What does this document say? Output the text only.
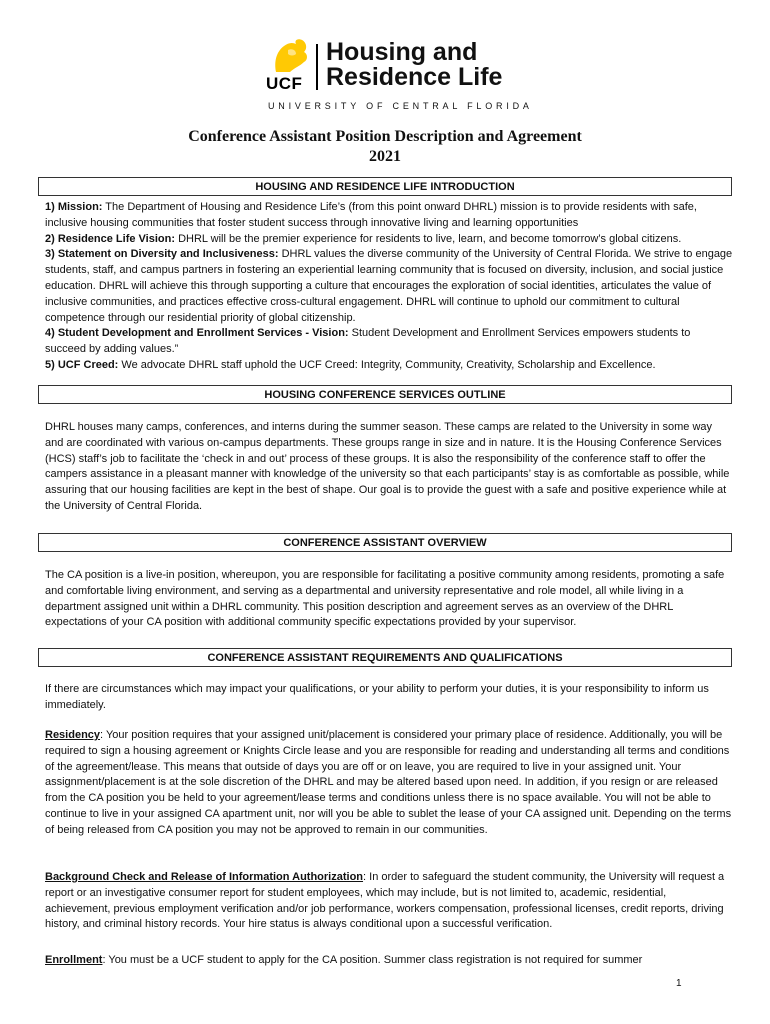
UCF
Housing and
Residence Life
UNIVERSITY OF CENTRAL FLORIDA
Conference Assistant Position Description and Agreement
2021
HOUSING AND RESIDENCE LIFE INTRODUCTION

1) Mission: The Department of Housing and Residence Life’s (from this point onward DHRL) mission is to provide residents with safe, inclusive housing communities that foster student success through innovative living and learning opportunities

2) Residence Life Vision: DHRL will be the premier experience for residents to live, learn, and become tomorrow’s global citizens.

3) Statement on Diversity and Inclusiveness: DHRL values the diverse community of the University of Central Florida. We strive to engage students, staff, and campus partners in fostering an experiential learning community that is focused on diversity, inclusion, and social justice education. DHRL will achieve this through supporting a culture that encourages the exploration of social identities, articulates the value of inclusive communities, and practices effective cross-cultural engagement. DHRL will continue to uphold our commitment to cultural competence through our residential priority of global citizenship.

4) Student Development and Enrollment Services - Vision: Student Development and Enrollment Services empowers students to succeed by adding values.”

5) UCF Creed: We advocate DHRL staff uphold the UCF Creed: Integrity, Community, Creativity, Scholarship and Excellence.

HOUSING CONFERENCE SERVICES OUTLINE
DHRL houses many camps, conferences, and interns during the summer season. These camps are related to the University in some way and are coordinated with various on-campus departments. These groups range in size and in nature. It is the Housing Conference Services (HCS) staff’s job to facilitate the ‘check in and out’ process of these groups. It is also the responsibility of the conference staff to offer the campers assistance in a pleasant manner with knowledge of the university so that each participants’ stay is as comfortable as possible, while assuring that our housing facilities are kept in the best of shape. Our goal is to provide the guest with a safe and positive experience while at the University of Central Florida.
CONFERENCE ASSISTANT OVERVIEW
The CA position is a live-in position, whereupon, you are responsible for facilitating a positive community among residents, promoting a safe and comfortable living environment, and serving as a departmental and university representative and role model, all while living in a department assigned unit within a DHRL community. This position description and agreement serves as an overview of the DHRL expectations of your CA position with additional community specific expectations provided by your supervisor.
CONFERENCE ASSISTANT REQUIREMENTS AND QUALIFICATIONS
If there are circumstances which may impact your qualifications, or your ability to perform your duties, it is your responsibility to inform us immediately.
Residency: Your position requires that your assigned unit/placement is considered your primary place of residence. Additionally, you will be required to sign a housing agreement or Knights Circle lease and you are responsible for reading and understanding all terms and conditions of the agreement/lease. This means that outside of days you are off or on leave, you are required to live in your assigned unit. Your assignment/placement is at the sole discretion of the DHRL and may be altered based upon need. In addition, if you resign or are released from the CA position you be held to your agreement/lease terms and conditions unless there is no space available. You will not be able to continue to live in your assigned CA apartment unit, nor will you be able to sublet the lease of your CA assigned unit. Depending on the terms of being released from CA position you may not be approved to remain in our communities.
Background Check and Release of Information Authorization: In order to safeguard the student community, the University will request a report or an investigative consumer report for student employees, which may include, but is not limited to, academic, residential, achievement, previous employment verification and/or job performance, workers compensation, professional licenses, credit reports, driving history, and criminal history records. Your hire status is always conditional upon a successful verification.
Enrollment: You must be a UCF student to apply for the CA position. Summer class registration is not required for summer
1
